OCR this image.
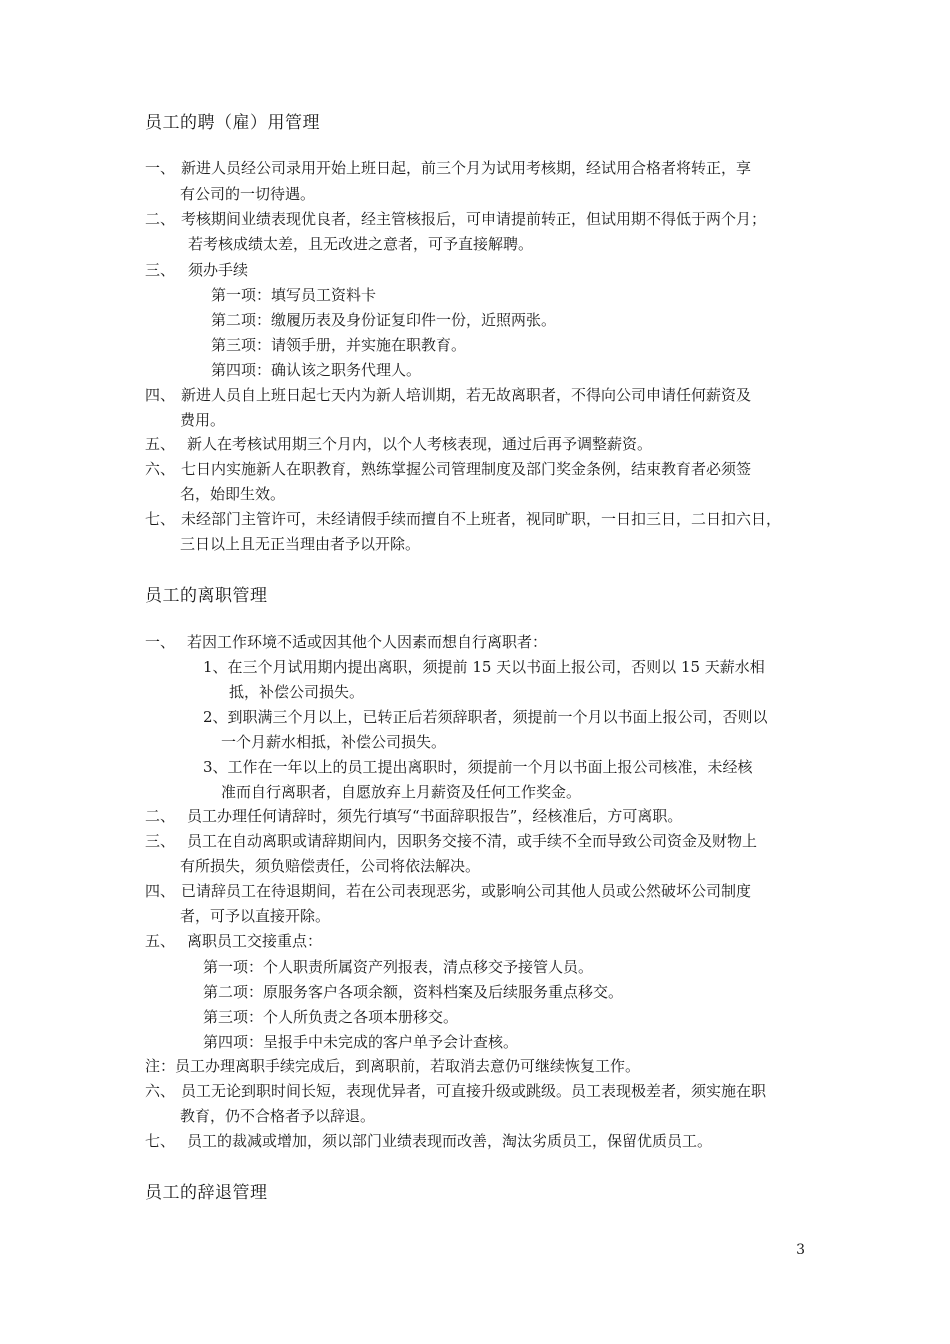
员工的聘（雇）用管理
一、 新进人员经公司录用开始上班日起，前三个月为试用考核期，经试用合格者将转正，享
有公司的一切待遇。
二、 考核期间业绩表现优良者，经主管核报后，可申请提前转正，但试用期不得低于两个月；
若考核成绩太差，且无改进之意者，可予直接解聘。
三、 须办手续
第一项：填写员工资料卡
第二项：缴履历表及身份证复印件一份，近照两张。
第三项：请领手册，并实施在职教育。
第四项：确认该之职务代理人。
四、 新进人员自上班日起七天内为新人培训期，若无故离职者，不得向公司申请任何薪资及
费用。
五、 新人在考核试用期三个月内，以个人考核表现，通过后再予调整薪资。
六、 七日内实施新人在职教育，熟练掌握公司管理制度及部门奖金条例，结束教育者必须签
名，始即生效。
七、 未经部门主管许可，未经请假手续而擅自不上班者，视同旷职，一日扣三日，二日扣六日，
三日以上且无正当理由者予以开除。
员工的离职管理
一、 若因工作环境不适或因其他个人因素而想自行离职者：
1、在三个月试用期内提出离职，须提前 15 天以书面上报公司，否则以 15 天薪水相
抵，补偿公司损失。
2、到职满三个月以上，已转正后若须辞职者，须提前一个月以书面上报公司，否则以
一个月薪水相抵，补偿公司损失。
3、工作在一年以上的员工提出离职时，须提前一个月以书面上报公司核准，未经核
准而自行离职者，自愿放弃上月薪资及任何工作奖金。
二、 员工办理任何请辞时，须先行填写“书面辞职报告”，经核准后，方可离职。
三、 员工在自动离职或请辞期间内，因职务交接不清，或手续不全而导致公司资金及财物上
有所损失，须负赔偿责任，公司将依法解决。
四、 已请辞员工在待退期间，若在公司表现恶劣，或影响公司其他人员或公然破坏公司制度
者，可予以直接开除。
五、 离职员工交接重点：
第一项：个人职责所属资产列报表，清点移交予接管人员。
第二项：原服务客户各项余额，资料档案及后续服务重点移交。
第三项：个人所负责之各项本册移交。
第四项：呈报手中未完成的客户单予会计查核。
注：员工办理离职手续完成后，到离职前，若取消去意仍可继续恢复工作。
六、 员工无论到职时间长短，表现优异者，可直接升级或跳级。员工表现极差者，须实施在职
教育，仍不合格者予以辞退。
七、 员工的裁减或增加，须以部门业绩表现而改善，淘汰劣质员工，保留优质员工。
员工的辞退管理
3
